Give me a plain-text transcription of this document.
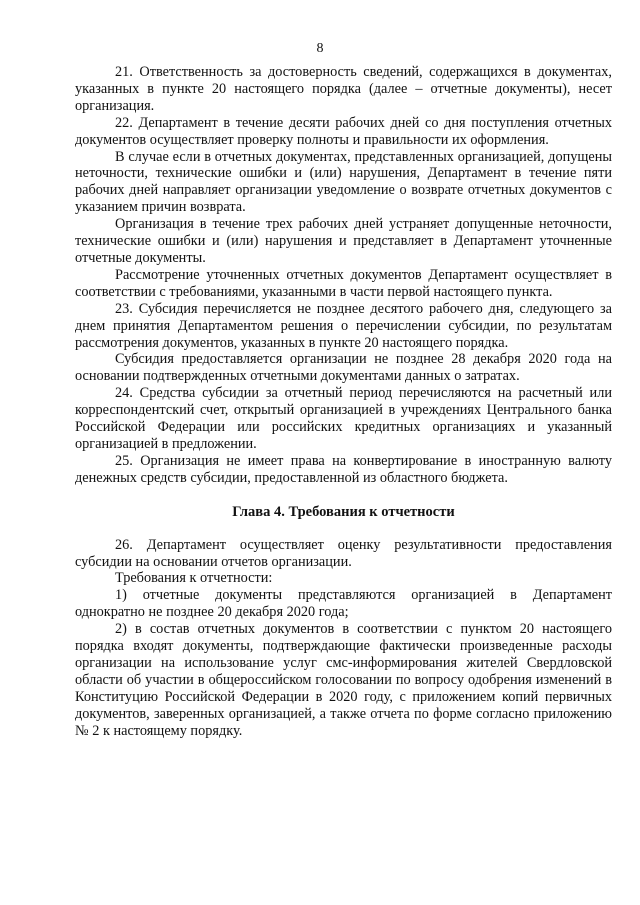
8

21. Ответственность за достоверность сведений, содержащихся в документах, указанных в пункте 20 настоящего порядка (далее – отчетные документы), несет организация.

22. Департамент в течение десяти рабочих дней со дня поступления отчетных документов осуществляет проверку полноты и правильности их оформления.

В случае если в отчетных документах, представленных организацией, допущены неточности, технические ошибки и (или) нарушения, Департамент в течение пяти рабочих дней направляет организации уведомление о возврате отчетных документов с указанием причин возврата.

Организация в течение трех рабочих дней устраняет допущенные неточности, технические ошибки и (или) нарушения и представляет в Департамент уточненные отчетные документы.

Рассмотрение уточненных отчетных документов Департамент осуществляет в соответствии с требованиями, указанными в части первой настоящего пункта.

23. Субсидия перечисляется не позднее десятого рабочего дня, следующего за днем принятия Департаментом решения о перечислении субсидии, по результатам рассмотрения документов, указанных в пункте 20 настоящего порядка.

Субсидия предоставляется организации не позднее 28 декабря 2020 года на основании подтвержденных отчетными документами данных о затратах.

24. Средства субсидии за отчетный период перечисляются на расчетный или корреспондентский счет, открытый организацией в учреждениях Центрального банка Российской Федерации или российских кредитных организациях и указанный организацией в предложении.

25. Организация не имеет права на конвертирование в иностранную валюту денежных средств субсидии, предоставленной из областного бюджета.

Глава 4. Требования к отчетности

26. Департамент осуществляет оценку результативности предоставления субсидии на основании отчетов организации.

Требования к отчетности:

1) отчетные документы представляются организацией в Департамент однократно не позднее 20 декабря 2020 года;

2) в состав отчетных документов в соответствии с пунктом 20 настоящего порядка входят документы, подтверждающие фактически произведенные расходы организации на использование услуг смс-информирования жителей Свердловской области об участии в общероссийском голосовании по вопросу одобрения изменений в Конституцию Российской Федерации в 2020 году, с приложением копий первичных документов, заверенных организацией, а также отчета по форме согласно приложению № 2 к настоящему порядку.
